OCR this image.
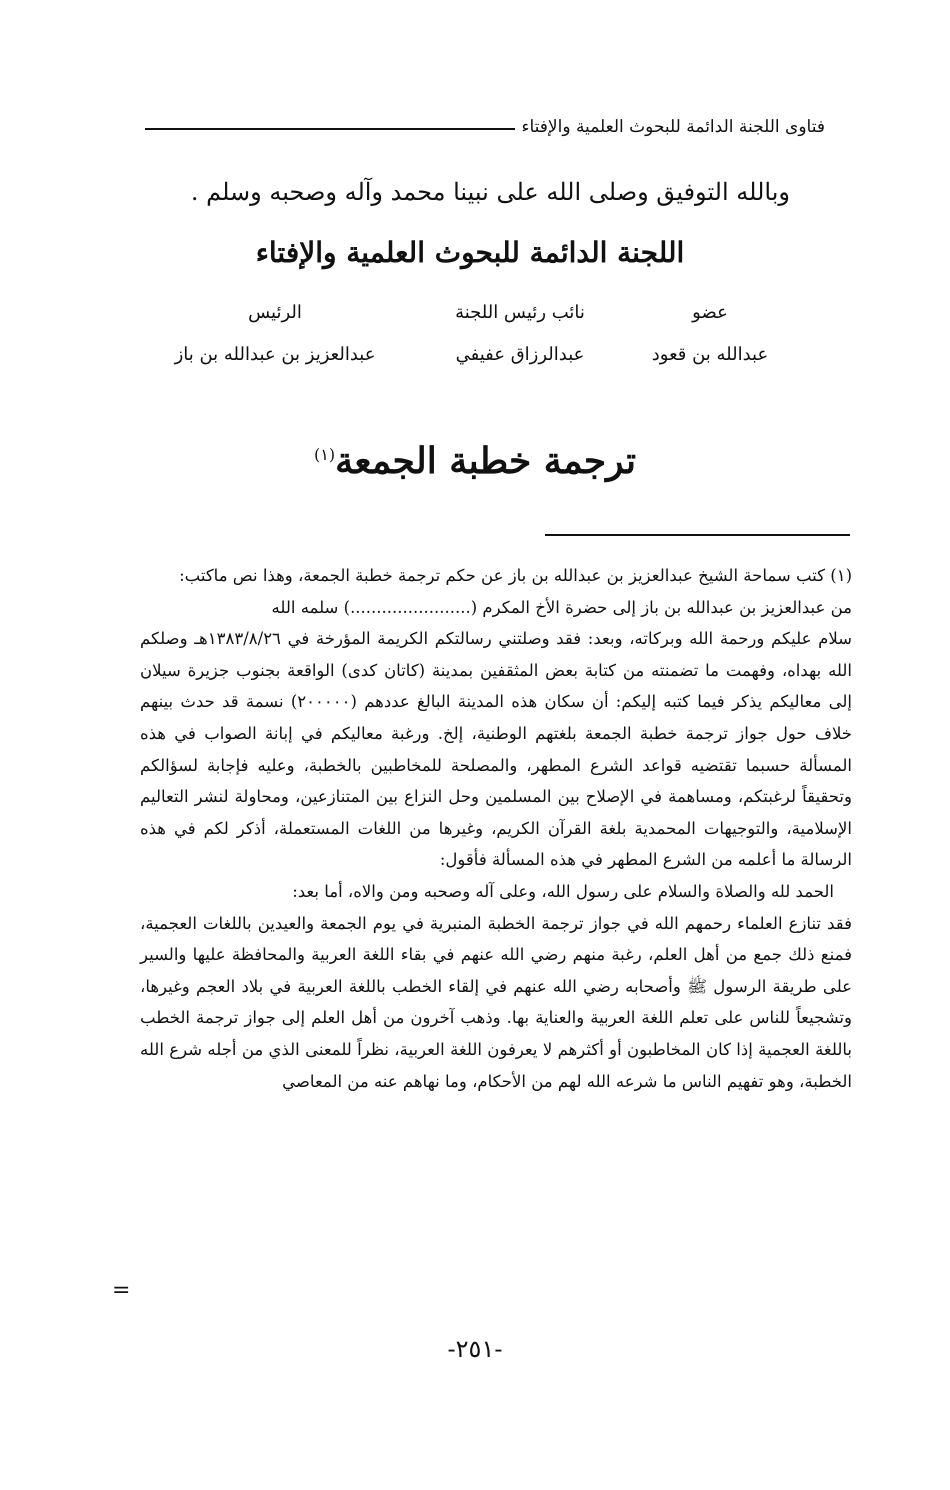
فتاوى اللجنة الدائمة للبحوث العلمية والإفتاء
وبالله التوفيق وصلى الله على نبينا محمد وآله وصحبه وسلم .
اللجنة الدائمة للبحوث العلمية والإفتاء
عضو
نائب رئيس اللجنة
الرئيس
عبدالله بن قعود
عبدالرزاق عفيفي
عبدالعزيز بن عبدالله بن باز
ترجمة خطبة الجمعة$^{(١)}$

(١) كتب سماحة الشيخ عبدالعزيز بن عبدالله بن باز عن حكم ترجمة خطبة الجمعة، وهذا نص ماكتب:

من عبدالعزيز بن عبدالله بن باز إلى حضرة الأخ المكرم (.......................) سلمه الله

سلام عليكم ورحمة الله وبركاته، وبعد: فقد وصلتني رسالتكم الكريمة المؤرخة في ١٣٨٣/٨/٢٦هـ وصلكم الله بهداه، وفهمت ما تضمنته من كتابة بعض المثقفين بمدينة (كاتان كدى) الواقعة بجنوب جزيرة سيلان إلى معاليكم يذكر فيما كتبه إليكم: أن سكان هذه المدينة البالغ عددهم (٢٠٠٠٠٠) نسمة قد حدث بينهم خلاف حول جواز ترجمة خطبة الجمعة بلغتهم الوطنية، إلخ. ورغبة معاليكم في إبانة الصواب في هذه المسألة حسبما تقتضيه قواعد الشرع المطهر، والمصلحة للمخاطبين بالخطبة، وعليه فإجابة لسؤالكم وتحقيقاً لرغبتكم، ومساهمة في الإصلاح بين المسلمين وحل النزاع بين المتنازعين، ومحاولة لنشر التعاليم الإسلامية، والتوجيهات المحمدية بلغة القرآن الكريم، وغيرها من اللغات المستعملة، أذكر لكم في هذه الرسالة ما أعلمه من الشرع المطهر في هذه المسألة فأقول:

الحمد لله والصلاة والسلام على رسول الله، وعلى آله وصحبه ومن والاه، أما بعد:

فقد تنازع العلماء رحمهم الله في جواز ترجمة الخطبة المنبرية في يوم الجمعة والعيدين باللغات العجمية، فمنع ذلك جمع من أهل العلم، رغبة منهم رضي الله عنهم في بقاء اللغة العربية والمحافظة عليها والسير على طريقة الرسول ﷺ وأصحابه رضي الله عنهم في إلقاء الخطب باللغة العربية في بلاد العجم وغيرها، وتشجيعاً للناس على تعلم اللغة العربية والعناية بها. وذهب آخرون من أهل العلم إلى جواز ترجمة الخطب باللغة العجمية إذا كان المخاطبون أو أكثرهم لا يعرفون اللغة العربية، نظراً للمعنى الذي من أجله شرع الله الخطبة، وهو تفهيم الناس ما شرعه الله لهم من الأحكام، وما نهاهم عنه من المعاصي

=
-٢٥١-
